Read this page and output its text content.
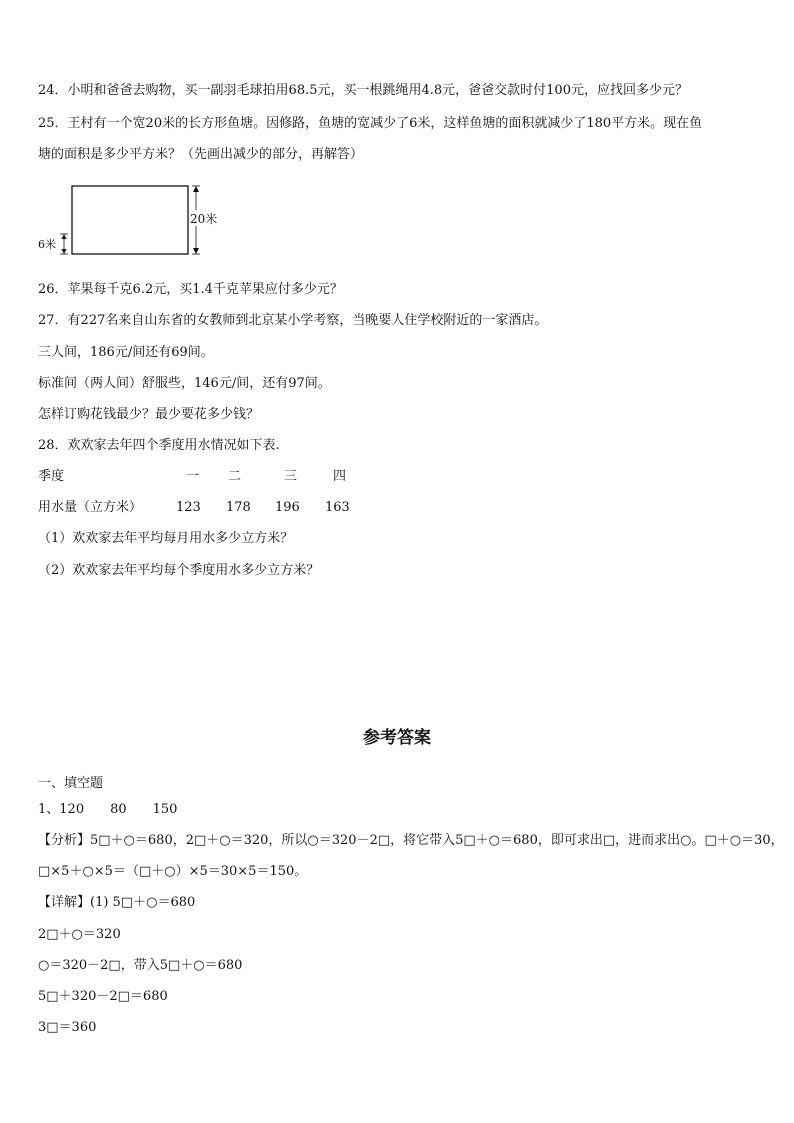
24．小明和爸爸去购物，买一副羽毛球拍用68.5元，买一根跳绳用4.8元，爸爸交款时付100元，应找回多少元？
25．王村有一个宽20米的长方形鱼塘。因修路，鱼塘的宽减少了6米，这样鱼塘的面积就减少了180平方米。现在鱼
塘的面积是多少平方米？（先画出减少的部分，再解答）
20米
6米
26．苹果每千克6.2元，买1.4千克苹果应付多少元？
27．有227名来自山东省的女教师到北京某小学考察，当晚要人住学校附近的一家酒店。
三人间，186元/间还有69间。
标准间（两人间）舒服些，146元/间，还有97间。
怎样订购花钱最少？最少要花多少钱？
28．欢欢家去年四个季度用水情况如下表.
季度	一 二	三	四
用水量（立方米）	123 178 196 163
（1）欢欢家去年平均每月用水多少立方米？
（2）欢欢家去年平均每个季度用水多少立方米？
参考答案
一、填空题
1、120　　80　　150
【分析】5□＋○＝680，2□＋○＝320，所以○＝320－2□，将它带入5□＋○＝680，即可求出□，进而求出○。□＋○＝30，
□×5＋○×5＝（□＋○）×5＝30×5＝150。
【详解】(1) 5□＋○＝680
2□＋○＝320
○＝320－2□，带入5□＋○＝680
5□＋320－2□＝680
3□＝360
